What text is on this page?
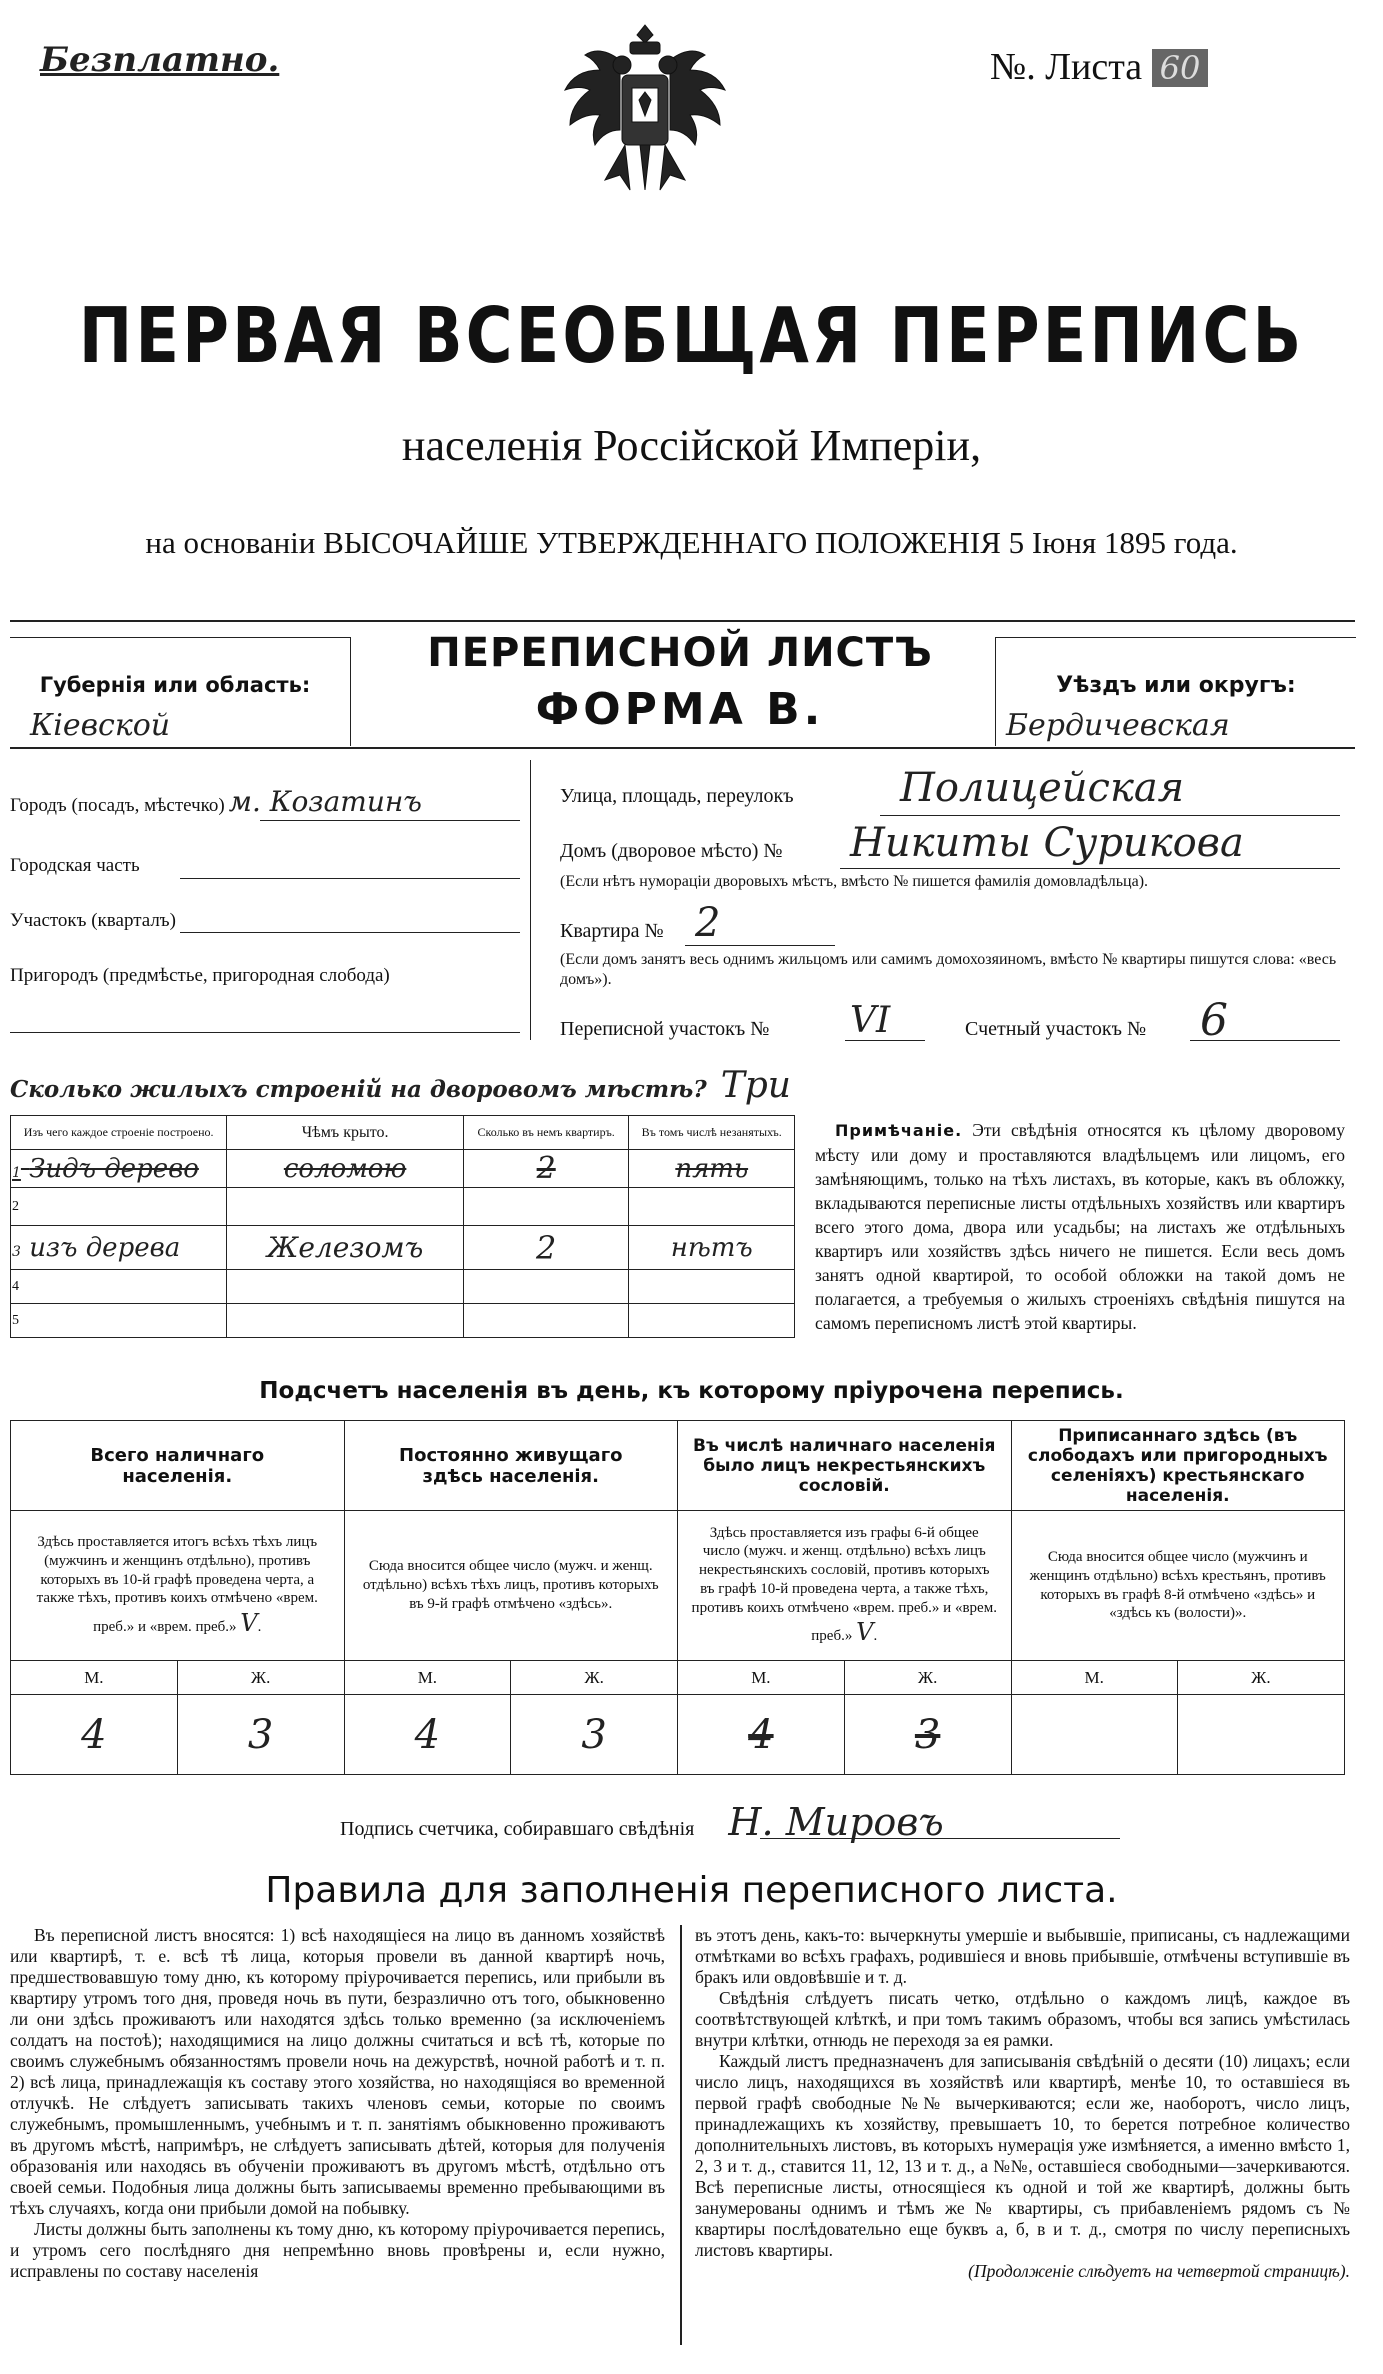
Безплатно.	№. Листа 60
ПЕРВАЯ ВСЕОБЩАЯ ПЕРЕПИСЬ
населенія Россійской Имперіи,
на основаніи ВЫСОЧАЙШЕ УТВЕРЖДЕННАГО ПОЛОЖЕНІЯ 5 Іюня 1895 года.
Губернія или область:
Кіевской
ПЕРЕПИСНОЙ ЛИСТЪ
ФОРМА В.	Уѣздъ или округъ:
Бердичевская
Городъ (посадъ, мѣстечко) м. Козатинъ
Городская часть
Участокъ (кварталъ)
Пригородъ (предмѣстье, пригородная слобода)
Улица, площадь, переулокъ	Полицейская
Домъ (дворовое мѣсто) № Никиты Сурикова
(Если нѣтъ нумораціи дворовыхъ мѣстъ, вмѣсто № пишется фамилія домовладѣльца).
Квартира № 2
(Если домъ занятъ весь однимъ жильцомъ или самимъ домохозяиномъ, вмѣсто № квартиры пишутся слова: «весь домъ»).
Переписной участокъ № VI	Счетный участокъ № 6
Сколько жилыхъ строеній на дворовомъ мѣстѣ? Три
Изъ чего каждое строеніе построено.	Чѣмъ крыто.	Сколько въ немъ квартиръ.	Въ томъ числѣ незанятыхъ.
1 Зидъ дерево	соломою	2	пять
2			
3 изъ дерева	Железомъ	2	нѣтъ
4			
5			
Примѣчаніе. Эти свѣдѣнія относятся къ цѣлому дворовому мѣсту или дому и проставляются владѣльцемъ или лицомъ, его замѣняющимъ, только на тѣхъ листахъ, въ которые, какъ въ обложку, вкладываются переписные листы отдѣльныхъ хозяйствъ или квартиръ всего этого дома, двора или усадьбы; на листахъ же отдѣльныхъ квартиръ или хозяйствъ здѣсь ничего не пишется. Если весь домъ занятъ одной квартирой, то особой обложки на такой домъ не полагается, а требуемыя о жилыхъ строеніяхъ свѣдѣнія пишутся на самомъ переписномъ листѣ этой квартиры.
Подсчетъ населенія въ день, къ которому пріурочена перепись.
Всего наличнаго населенія.		Постоянно живущаго здѣсь населенія.		Въ числѣ наличнаго населенія было лицъ некрестьянскихъ сословій.		Приписаннаго здѣсь (въ слободахъ или пригородныхъ селеніяхъ) крестьянскаго населенія.	
Здѣсь проставляется итогъ всѣхъ тѣхъ лицъ (мужчинъ и женщинъ отдѣльно), противъ которыхъ въ 10-й графѣ проведена черта, а также тѣхъ, противъ коихъ отмѣчено «врем. преб.» и «врем. преб.» V.		Сюда вносится общее число (мужч. и женщ. отдѣльно) всѣхъ тѣхъ лицъ, противъ которыхъ въ 9-й графѣ отмѣчено «здѣсь».		Здѣсь проставляется изъ графы 6-й общее число (мужч. и женщ. отдѣльно) всѣхъ лицъ некрестьянскихъ сословій, противъ которыхъ въ графѣ 10-й проведена черта, а также тѣхъ, противъ коихъ отмѣчено «врем. преб.» и «врем. преб.» V.		Сюда вносится общее число (мужчинъ и женщинъ отдѣльно) всѣхъ крестьянъ, противъ которыхъ въ графѣ 8-й отмѣчено «здѣсь» и «здѣсь къ (волости)».	
М.	Ж.	М.	Ж.	М.	Ж.	М.	Ж.
4	3	4	3	4	3		
Подпись счетчика, собиравшаго свѣдѣнія Н. Мировъ
Правила для заполненія переписного листа.

Въ переписной листъ вносятся: 1) всѣ находящіеся на лицо въ данномъ хозяйствѣ или квартирѣ, т. е. всѣ тѣ лица, которыя провели въ данной квартирѣ ночь, предшествовавшую тому дню, къ которому пріурочивается перепись, или прибыли въ квартиру утромъ того дня, проведя ночь въ пути, безразлично отъ того, обыкновенно ли они здѣсь проживаютъ или находятся здѣсь только временно (за исключеніемъ солдатъ на постоѣ); находящимися на лицо должны считаться и всѣ тѣ, которые по своимъ служебнымъ обязанностямъ провели ночь на дежурствѣ, ночной работѣ и т. п. 2) всѣ лица, принадлежащія къ составу этого хозяйства, но находящіяся во временной отлучкѣ. Не слѣдуетъ записывать такихъ членовъ семьи, которые по своимъ служебнымъ, промышленнымъ, учебнымъ и т. п. занятіямъ обыкновенно проживаютъ въ другомъ мѣстѣ, напримѣръ, не слѣдуетъ записывать дѣтей, которыя для полученія образованія или находясь въ обученіи проживаютъ въ другомъ мѣстѣ, отдѣльно отъ своей семьи. Подобныя лица должны быть записываемы временно пребывающими въ тѣхъ случаяхъ, когда они прибыли домой на побывку.

Листы должны быть заполнены къ тому дню, къ которому пріурочивается перепись, и утромъ сего послѣдняго дня непремѣнно вновь провѣрены и, если нужно, исправлены по составу населенія

въ этотъ день, какъ-то: вычеркнуты умершіе и выбывшіе, приписаны, съ надлежащими отмѣтками во всѣхъ графахъ, родившіеся и вновь прибывшіе, отмѣчены вступившіе въ бракъ или овдовѣвшіе и т. д.

Свѣдѣнія слѣдуетъ писать четко, отдѣльно о каждомъ лицѣ, каждое въ соотвѣтствующей клѣткѣ, и при томъ такимъ образомъ, чтобы вся запись умѣстилась внутри клѣтки, отнюдь не переходя за ея рамки.

Каждый листъ предназначенъ для записыванія свѣдѣній о десяти (10) лицахъ; если число лицъ, находящихся въ хозяйствѣ или квартирѣ, менѣе 10, то оставшіеся въ первой графѣ свободные №№ вычеркиваются; если же, наоборотъ, число лицъ, принадлежащихъ къ хозяйству, превышаетъ 10, то берется потребное количество дополнительныхъ листовъ, въ которыхъ нумерація уже измѣняется, а именно вмѣсто 1, 2, 3 и т. д., ставится 11, 12, 13 и т. д., а №№, оставшіеся свободными—зачеркиваются. Всѣ переписные листы, относящіеся къ одной и той же квартирѣ, должны быть занумерованы однимъ и тѣмъ же № квартиры, съ прибавленіемъ рядомъ съ № квартиры послѣдовательно еще буквъ а, б, в и т. д., смотря по числу переписныхъ листовъ квартиры.

(Продолженіе слѣдуетъ на четвертой страницѣ).
